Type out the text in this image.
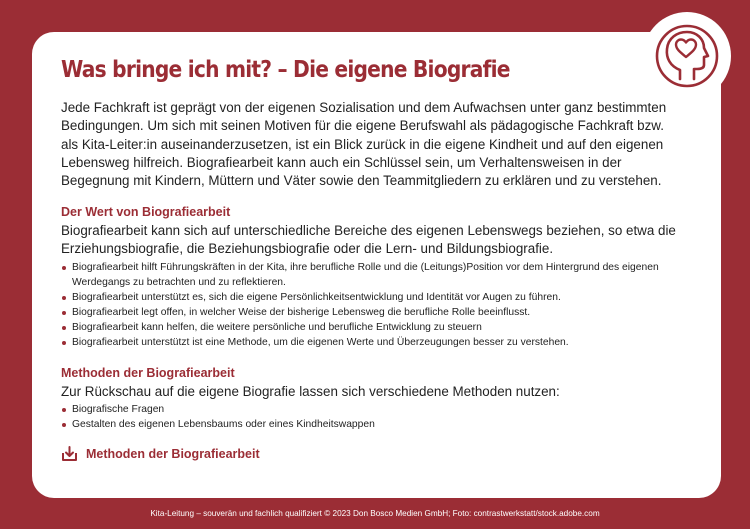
Was bringe ich mit? – Die eigene Biografie

Jede Fachkraft ist geprägt von der eigenen Sozialisation und dem Aufwachsen unter ganz bestimmten Bedingungen. Um sich mit seinen Motiven für die eigene Berufswahl als pädagogische Fachkraft bzw. als Kita-Leiter:in auseinanderzusetzen, ist ein Blick zurück in die eigene Kindheit und auf den eigenen Lebensweg hilfreich. Biografiearbeit kann auch ein Schlüssel sein, um Verhaltensweisen in der Begegnung mit Kindern, Müttern und Väter sowie den Teammitgliedern zu erklären und zu verstehen.

Der Wert von Biografiearbeit

Biografiearbeit kann sich auf unterschiedliche Bereiche des eigenen Lebenswegs beziehen, so etwa die Erziehungsbiografie, die Beziehungsbiografie oder die Lern- und Bildungsbiografie.

Biografiearbeit hilft Führungskräften in der Kita, ihre berufliche Rolle und die (Leitungs)Position vor dem Hintergrund des eigenen Werdegangs zu betrachten und zu reflektieren.
Biografiearbeit unterstützt es, sich die eigene Persönlichkeitsentwicklung und Identität vor Augen zu führen.
Biografiearbeit legt offen, in welcher Weise der bisherige Lebensweg die berufliche Rolle beeinflusst.
Biografiearbeit kann helfen, die weitere persönliche und berufliche Entwicklung zu steuern
Biografiearbeit unterstützt ist eine Methode, um die eigenen Werte und Überzeugungen besser zu verstehen.
Methoden der Biografiearbeit

Zur Rückschau auf die eigene Biografie lassen sich verschiedene Methoden nutzen:

Biografische Fragen
Gestalten des eigenen Lebensbaums oder eines Kindheitswappen
Methoden der Biografiearbeit
Kita-Leitung – souverän und fachlich qualifiziert © 2023 Don Bosco Medien GmbH; Foto: contrastwerkstatt/stock.adobe.com
